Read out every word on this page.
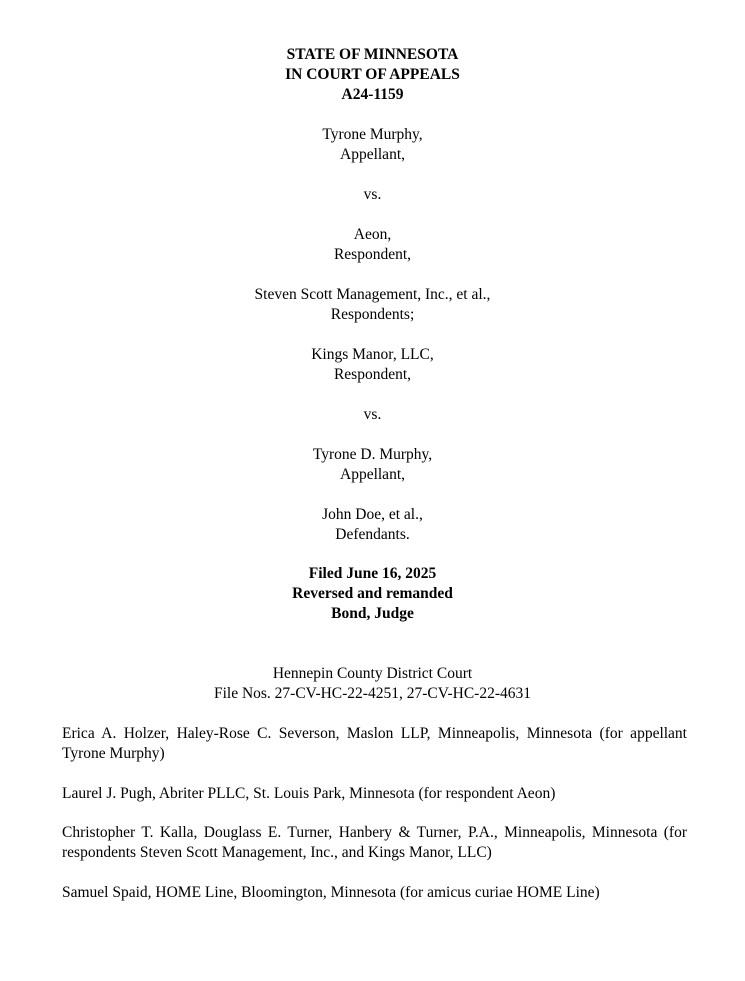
STATE OF MINNESOTA
IN COURT OF APPEALS
A24-1159
Tyrone Murphy,
Appellant,
vs.
Aeon,
Respondent,
Steven Scott Management, Inc., et al.,
Respondents;
Kings Manor, LLC,
Respondent,
vs.
Tyrone D. Murphy,
Appellant,
John Doe, et al.,
Defendants.
Filed June 16, 2025
Reversed and remanded
Bond, Judge
Hennepin County District Court
File Nos. 27-CV-HC-22-4251, 27-CV-HC-22-4631
Erica A. Holzer, Haley-Rose C. Severson, Maslon LLP, Minneapolis, Minnesota (for appellant Tyrone Murphy)
Laurel J. Pugh, Abriter PLLC, St. Louis Park, Minnesota (for respondent Aeon)
Christopher T. Kalla, Douglass E. Turner, Hanbery & Turner, P.A., Minneapolis, Minnesota (for respondents Steven Scott Management, Inc., and Kings Manor, LLC)
Samuel Spaid, HOME Line, Bloomington, Minnesota (for amicus curiae HOME Line)
